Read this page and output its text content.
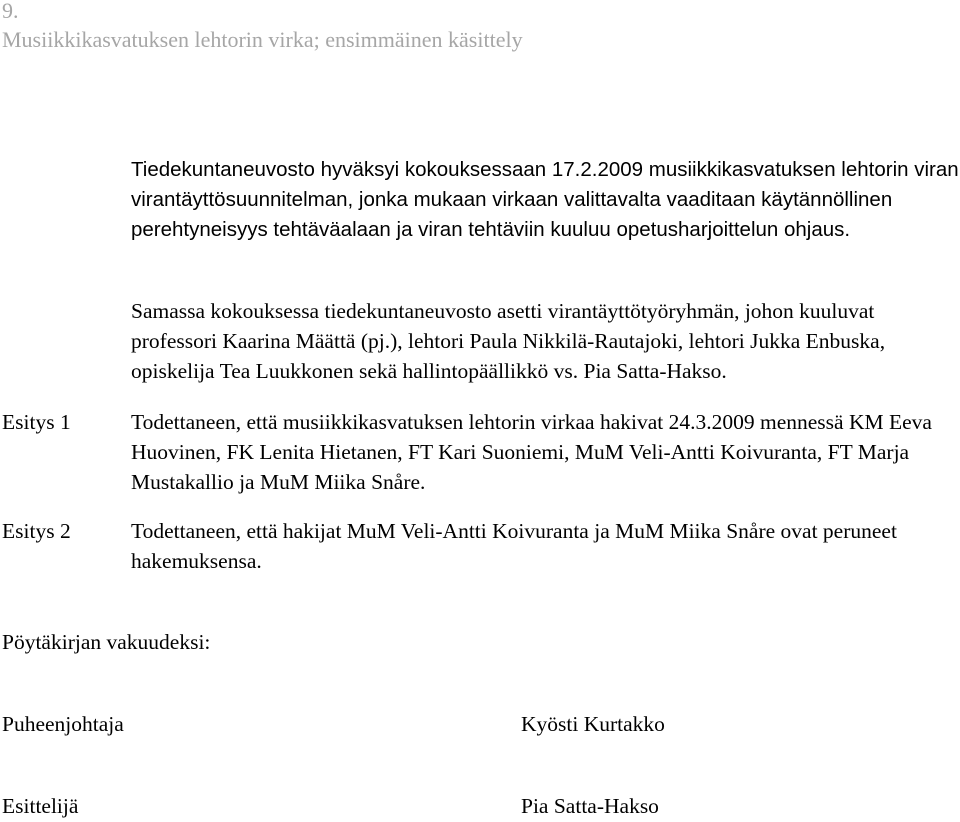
9.
Musiikkikasvatuksen lehtorin virka; ensimmäinen käsittely

Tiedekuntaneuvosto hyväksyi kokouksessaan 17.2.2009 musiikkikasvatuksen lehtorin viran virantäyttösuunnitelman, jonka mukaan virkaan valittavalta vaaditaan käytännöllinen perehtyneisyys tehtäväalaan ja viran tehtäviin kuuluu opetusharjoittelun ohjaus.

Samassa kokouksessa tiedekuntaneuvosto asetti virantäyttötyöryhmän, johon kuuluvat professori Kaarina Määttä (pj.), lehtori Paula Nikkilä-Rautajoki, lehtori Jukka Enbuska, opiskelija Tea Luukkonen sekä hallintopäällikkö vs. Pia Satta-Hakso.

Esitys 1	Todettaneen, että musiikkikasvatuksen lehtorin virkaa hakivat 24.3.2009 mennessä KM Eeva Huovinen, FK Lenita Hietanen, FT Kari Suoniemi, MuM Veli-Antti Koivuranta, FT Marja Mustakallio ja MuM Miika Snåre.

Esitys 2	Todettaneen, että hakijat MuM Veli-Antti Koivuranta ja MuM Miika Snåre ovat peruneet hakemuksensa.

Pöytäkirjan vakuudeksi:
Puheenjohtaja	Kyösti Kurtakko
Esittelijä	Pia Satta-Hakso
